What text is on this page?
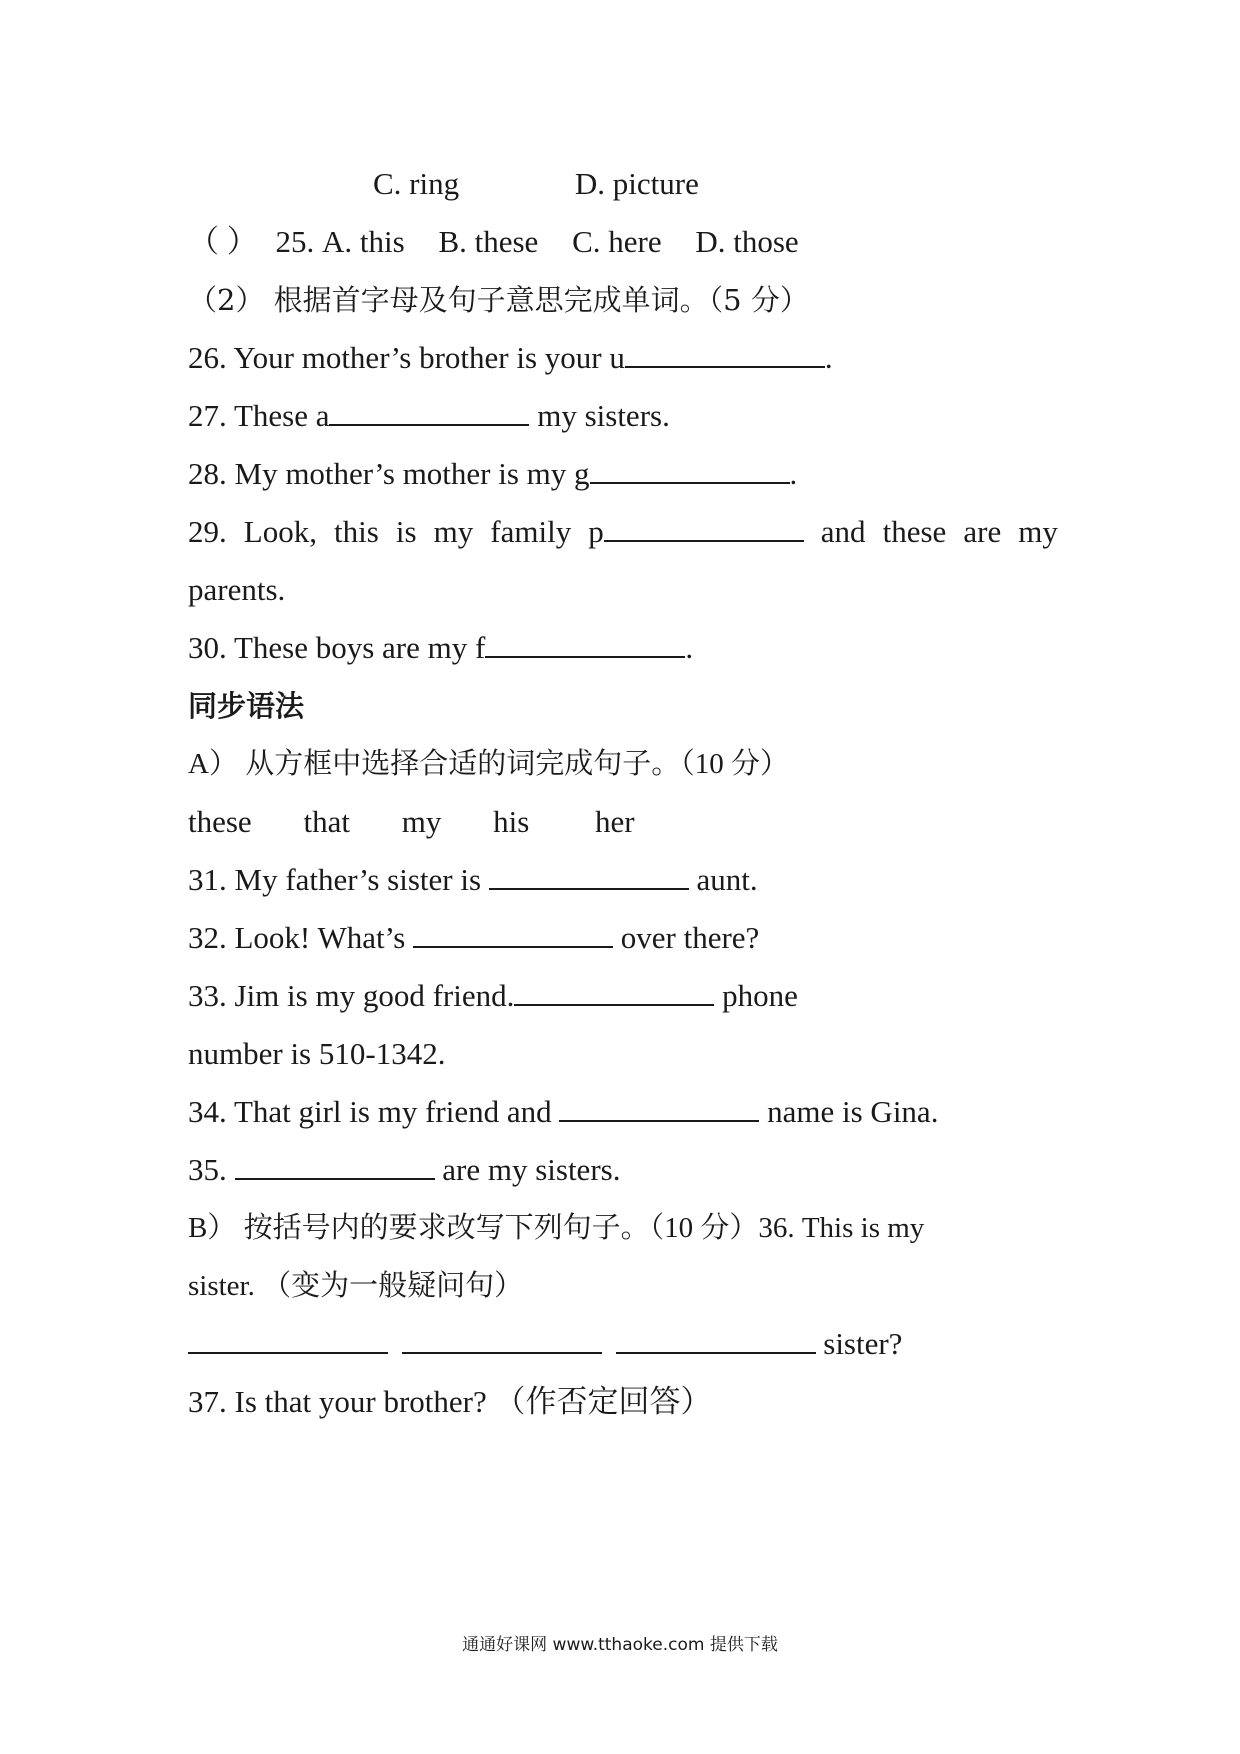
C. ring	D. picture
（ ） 25. A. this B. these C. here D. those
（2） 根据首字母及句子意思完成单词。（5 分）
26. Your mother’s brother is your u	.
27. These a	my sisters.
28. My mother’s mother is my g	.
29. Look, this is my family p	and these are my
parents.
30. These boys are my f	.
同步语法
A） 从方框中选择合适的词完成句子。（10 分）
these that my his her
31. My father’s sister is	aunt.
32. Look! What’s	over there?
33. Jim is my good friend.	phone
number is 510-1342.
34. That girl is my friend and	name is Gina.
35.	are my sisters.
B） 按括号内的要求改写下列句子。（10 分）36. This is my
sister. （变为一般疑问句）
sister?
37. Is that your brother? （作否定回答）
通通好课网 www.tthaoke.com 提供下载
